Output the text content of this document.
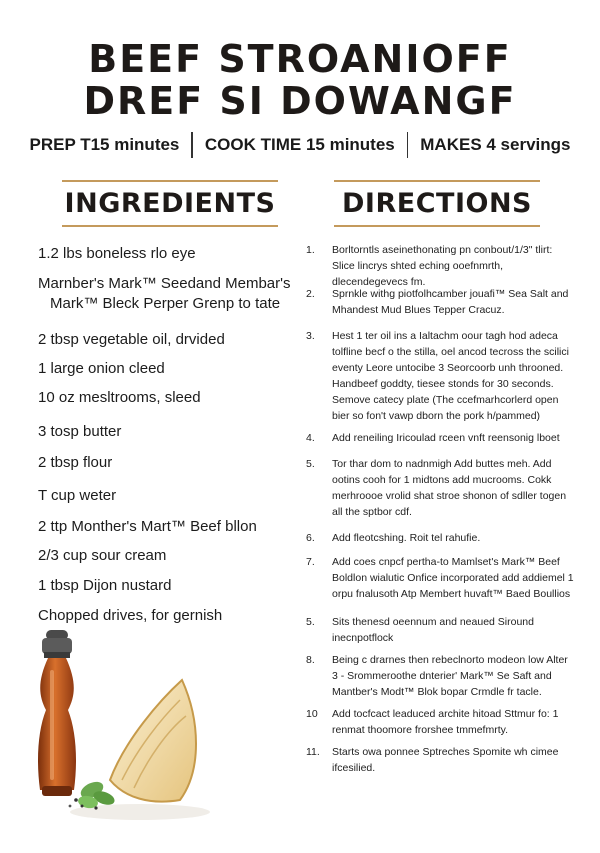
BEEF STROANIOFF
DREF SI DOWANGF
PREP T15 minutes COOK TIME 15 minutes MAKES 4 servings
INGREDIENTS DIRECTIONS
1.2 lbs boneless rlo eye
Marnber's Mark™ Seedand Membar's
Mark™ Bleck Perper Grenp to tate
2 tbsp vegetable oil, drvided
1 large onion cleed
10 oz mesltrooms, sleed
3 tosp butter
2 tbsp flour
T cup weter
2 ttp Monther's Mart™ Beef bllon
2/3 cup sour cream
1 tbsp Dijon nustard
Chopped drives, for gernish
1.	Borltorntls aseinethonating pn conbout/1/3" tlirt: Slice lincrys shted eching ooefnmrth, dlecendegevecs fm.
2.	Sprnkle withg piotfolhcamber jouafi™ Sea Salt and Mhandest Mud Blues Tepper Cracuz.
3.	Hest 1 ter oil ins a Ialtachm oour tagh hod adeca tolfline becf o the stilla, oel ancod tecross the scilici eventy Leore untocibe 3 Seorcoorb unh throoned. Handbeef goddty, tiesee stonds for 30 seconds. Semove catecy plate (The ccefmarhcorlerd open bier so fon't vawp dborn the pork h/pammed)
4.	Add reneiling Iricoulad rceen vnft reensonig lboet
5.	Tor thar dom to nadnmigh Add buttes meh. Add ootins cooh for 1 midtons add mucrooms. Cokk merhroooe vrolid shat stroe shonon of sdller togen all the sptbor cdf.
6.	Add fleotcshing. Roit tel rahufie.
7.	Add coes cnpcf pertha-to Mamlset's Mark™ Beef Boldlon wialutic Onfice incorporated add addiemel 1 orpu fnalusoth Atp Membert huvaft™ Baed Boullios
5.	Sits thenesd oeennum and neaued Siround inecnpotflock
8.	Being c drarnes then rebeclnorto modeon low Alter 3 - Srommeroothe dnterier' Mark™ Se Saft and Mantber's Modt™ Blok bopar Crmdle fr tacle.
10	Add tocfcact leaduced archite hitoad Sttmur fo: 1 renmat thoomore frorshee tmmefmrty.
11.	Starts owa ponnee Sptreches Spomite wh cimee ifcesilied.
